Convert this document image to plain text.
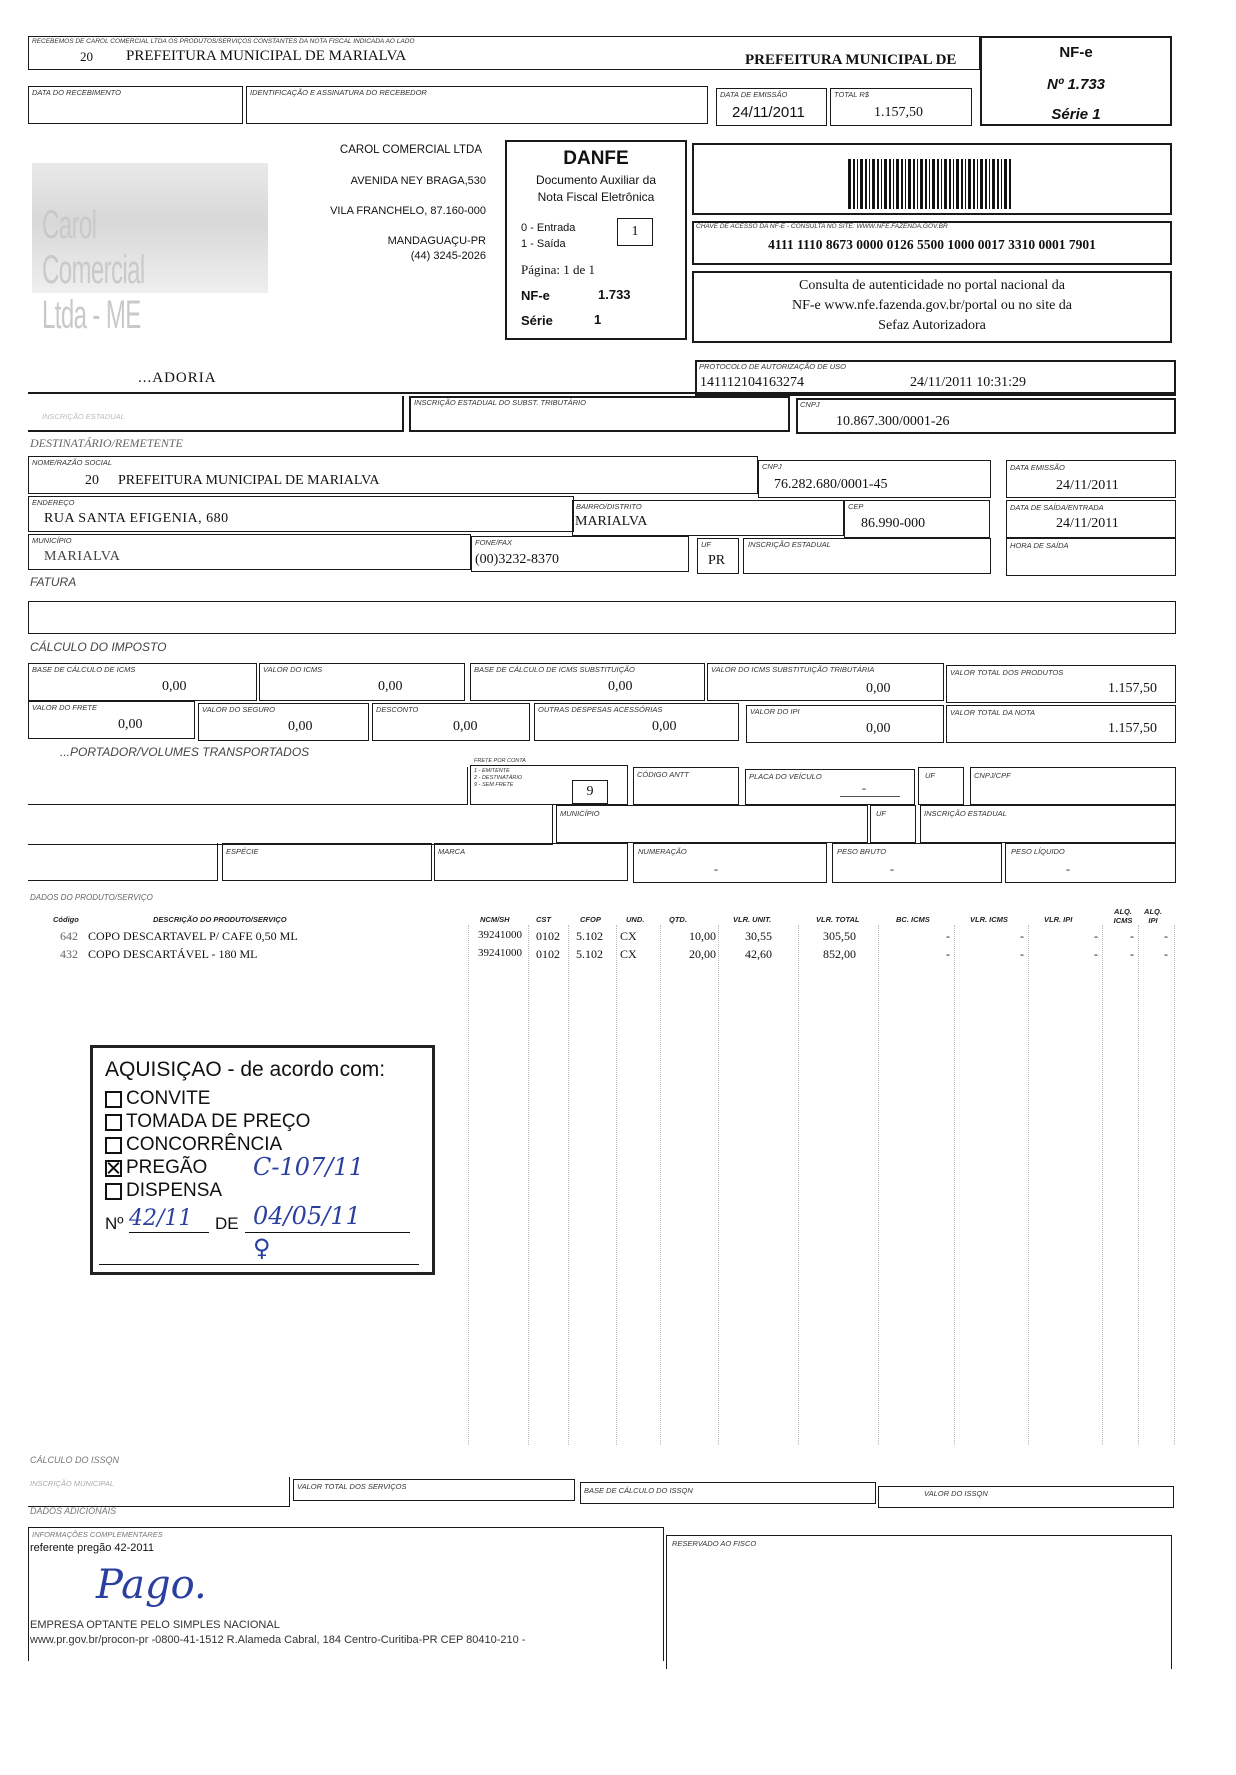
RECEBEMOS DE CAROL COMERCIAL LTDA OS PRODUTOS/SERVIÇOS CONSTANTES DA NOTA FISCAL INDICADA AO LADO
20 PREFEITURA MUNICIPAL DE MARIALVA	PREFEITURA MUNICIPAL DE
DATA DO RECEBIMENTO	IDENTIFICAÇÃO E ASSINATURA DO RECEBEDOR	DATA DE EMISSÃO
24/11/2011
TOTAL R$
1.157,50
NF-e
Nº 1.733
Série 1
Carol Comercial Ltda - ME
CAROL COMERCIAL LTDA
AVENIDA NEY BRAGA,530
VILA FRANCHELO, 87.160-000
MANDAGUAÇU-PR
(44) 3245-2026
DANFE
Documento Auxiliar da
Nota Fiscal Eletrônica
0 - Entrada
1 - Saída
1
Página: 1 de 1
NF-e	1.733
Série	1
CHAVE DE ACESSO DA NF-E - CONSULTA NO SITE: WWW.NFE.FAZENDA.GOV.BR
4111 1110 8673 0000 0126 5500 1000 0017 3310 0001 7901
Consulta de autenticidade no portal nacional da
NF-e www.nfe.fazenda.gov.br/portal ou no site da
Sefaz Autorizadora
...ADORIA
PROTOCOLO DE AUTORIZAÇÃO DE USO
141112104163274	24/11/2011 10:31:29
INSCRIÇÃO ESTADUAL
INSCRIÇÃO ESTADUAL DO SUBST. TRIBUTÁRIO	CNPJ
10.867.300/0001-26
DESTINATÁRIO/REMETENTE
NOME/RAZÃO SOCIAL
20 PREFEITURA MUNICIPAL DE MARIALVA
CNPJ
76.282.680/0001-45
DATA EMISSÃO
24/11/2011
ENDEREÇO
RUA SANTA EFIGENIA, 680
BAIRRO/DISTRITO
MARIALVA
CEP
86.990-000
DATA DE SAÍDA/ENTRADA
24/11/2011
MUNICÍPIO
MARIALVA
FONE/FAX
(00)3232-8370
UF
PR
INSCRIÇÃO ESTADUAL	HORA DE SAÍDA
FATURA
CÁLCULO DO IMPOSTO
BASE DE CÁLCULO DE ICMS
0,00
VALOR DO ICMS
0,00
BASE DE CÁLCULO DE ICMS SUBSTITUIÇÃO
0,00
VALOR DO ICMS SUBSTITUIÇÃO TRIBUTÁRIA
0,00
VALOR TOTAL DOS PRODUTOS
1.157,50
VALOR DO FRETE
0,00
VALOR DO SEGURO
0,00
DESCONTO
0,00
OUTRAS DESPESAS ACESSÓRIAS
0,00
VALOR DO IPI
0,00
VALOR TOTAL DA NOTA
1.157,50
...PORTADOR/VOLUMES TRANSPORTADOS
FRETE POR CONTA
1 - EMITENTE
2 - DESTINATÁRIO
9 - SEM FRETE	9
CÓDIGO ANTT	PLACA DO VEÍCULO
-
UF	CNPJ/CPF
MUNICÍPIO	UF	INSCRIÇÃO ESTADUAL
ESPÉCIE	MARCA	NUMERAÇÃO
-
PESO BRUTO
-
PESO LÍQUIDO
-
DADOS DO PRODUTO/SERVIÇO
Código	DESCRIÇÃO DO PRODUTO/SERVIÇO	NCM/SH	CST	CFOP	UND.	QTD.	VLR. UNIT.	VLR. TOTAL	BC. ICMS	VLR. ICMS	VLR. IPI
ALQ. ICMS
ALQ. IPI
642 COPO DESCARTAVEL P/ CAFE 0,50 ML	39241000 0102 5.102 CX	10,00	30,55	305,50	-	-	-	-	-
432 COPO DESCARTÁVEL - 180 ML	39241000 0102 5.102 CX	20,00	42,60	852,00	-	-	-	-	-
AQUISIÇAO - de acordo com:
CONVITE
TOMADA DE PREÇO
CONCORRÊNCIA
PREGÃO C-107/11
DISPENSA
Nº 42/11 DE 04/05/11
♀
CÁLCULO DO ISSQN
INSCRIÇÃO MUNICIPAL	VALOR TOTAL DOS SERVIÇOS	BASE DE CÁLCULO DO ISSQN	VALOR DO ISSQN
DADOS ADICIONAIS
INFORMAÇÕES COMPLEMENTARES
referente pregão 42-2011
Pago.
EMPRESA OPTANTE PELO SIMPLES NACIONAL
www.pr.gov.br/procon-pr -0800-41-1512 R.Alameda Cabral, 184 Centro-Curitiba-PR CEP 80410-210 -
RESERVADO AO FISCO
